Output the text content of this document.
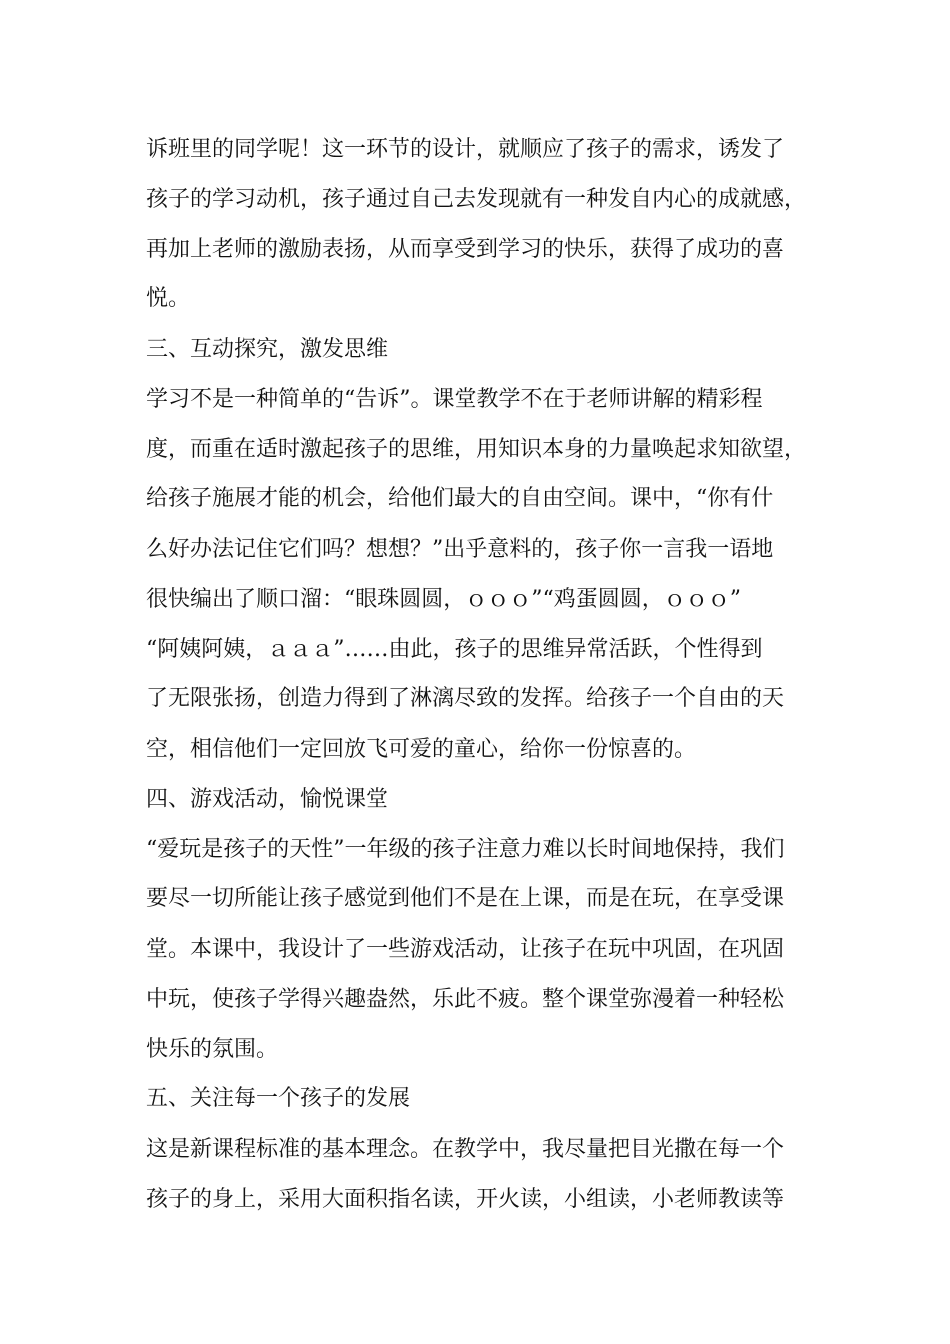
诉班里的同学呢！这一环节的设计，就顺应了孩子的需求，诱发了
孩子的学习动机，孩子通过自己去发现就有一种发自内心的成就感，
再加上老师的激励表扬，从而享受到学习的快乐，获得了成功的喜
悦。
三、互动探究，激发思维
学习不是一种简单的“告诉”。课堂教学不在于老师讲解的精彩程
度，而重在适时激起孩子的思维，用知识本身的力量唤起求知欲望，
给孩子施展才能的机会，给他们最大的自由空间。课中，“你有什
么好办法记住它们吗？想想？”出乎意料的，孩子你一言我一语地
很快编出了顺口溜：“眼珠圆圆，ｏｏｏ”“鸡蛋圆圆，ｏｏｏ”
“阿姨阿姨，ａａａ”……由此，孩子的思维异常活跃，个性得到
了无限张扬，创造力得到了淋漓尽致的发挥。给孩子一个自由的天
空，相信他们一定回放飞可爱的童心，给你一份惊喜的。
四、游戏活动，愉悦课堂
“爱玩是孩子的天性”一年级的孩子注意力难以长时间地保持，我们
要尽一切所能让孩子感觉到他们不是在上课，而是在玩，在享受课
堂。本课中，我设计了一些游戏活动，让孩子在玩中巩固，在巩固
中玩，使孩子学得兴趣盎然，乐此不疲。整个课堂弥漫着一种轻松
快乐的氛围。
五、关注每一个孩子的发展
这是新课程标准的基本理念。在教学中，我尽量把目光撒在每一个
孩子的身上，采用大面积指名读，开火读，小组读，小老师教读等
